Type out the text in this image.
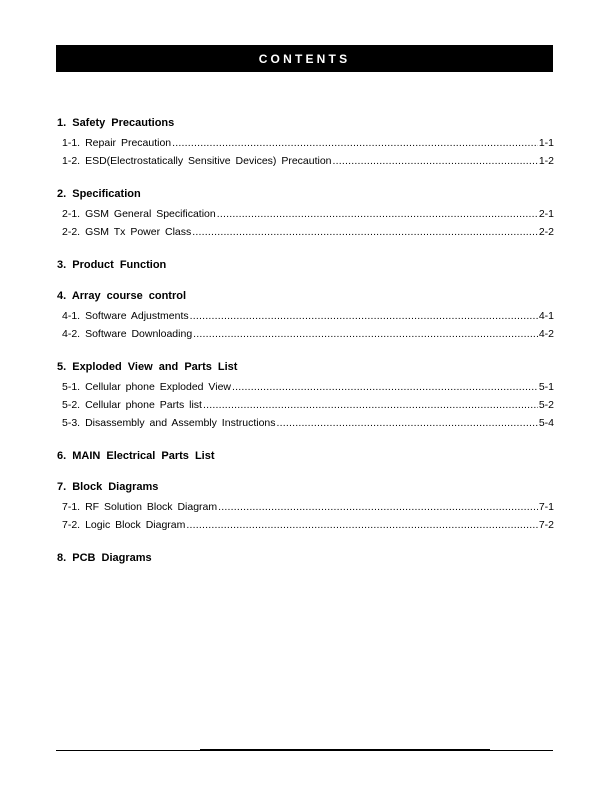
CONTENTS
1. Safety Precautions
1-1. Repair Precaution .....	1-1
1-2. ESD(Electrostatically Sensitive Devices) Precaution .....	1-2
2. Specification
2-1. GSM General Specification .....	2-1
2-2. GSM Tx Power Class .....	2-2
3. Product Function
4. Array course control
4-1. Software Adjustments .....	4-1
4-2. Software Downloading .....	4-2
5. Exploded View and Parts List
5-1. Cellular phone Exploded View .....	5-1
5-2. Cellular phone Parts list .....	5-2
5-3. Disassembly and Assembly Instructions .....	5-4
6. MAIN Electrical Parts List
7. Block Diagrams
7-1. RF Solution Block Diagram .....	7-1
7-2. Logic Block Diagram .....	7-2
8. PCB Diagrams
